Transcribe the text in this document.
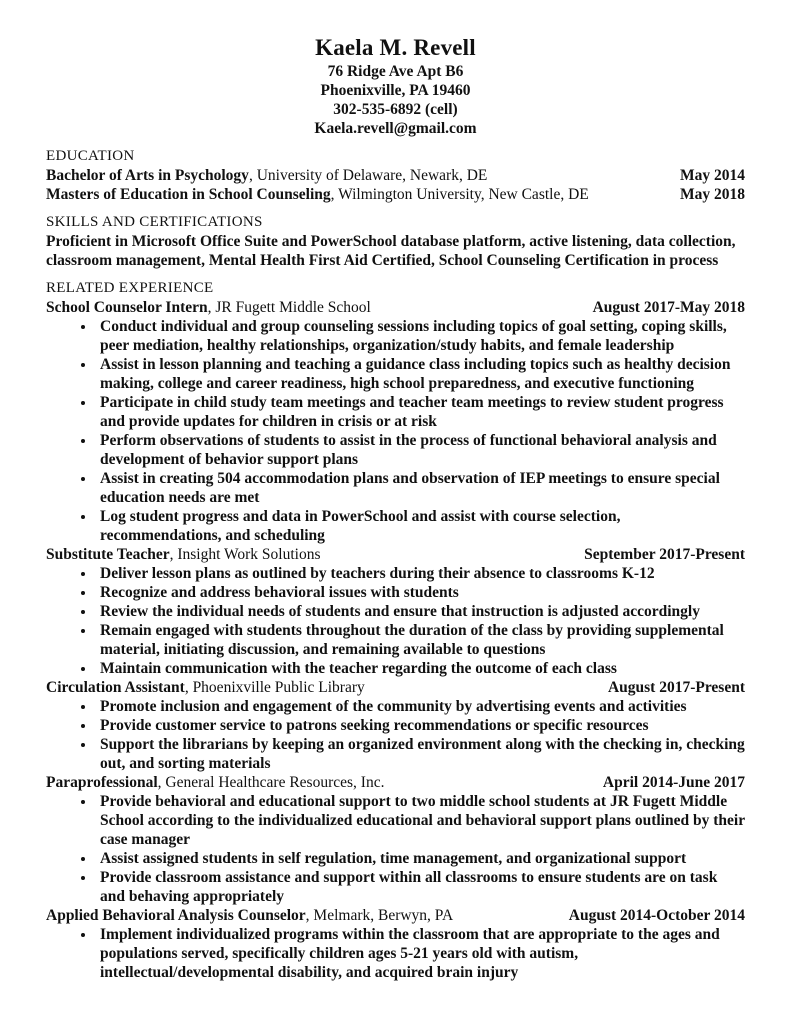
Kaela M. Revell
76 Ridge Ave Apt B6
Phoenixville, PA 19460
302-535-6892 (cell)
Kaela.revell@gmail.com
EDUCATION
Bachelor of Arts in Psychology, University of Delaware, Newark, DE	May 2014
Masters of Education in School Counseling, Wilmington University, New Castle, DE	May 2018
SKILLS AND CERTIFICATIONS
Proficient in Microsoft Office Suite and PowerSchool database platform, active listening, data collection, classroom management, Mental Health First Aid Certified, School Counseling Certification in process
RELATED EXPERIENCE
School Counselor Intern, JR Fugett Middle School	August 2017-May 2018
• Conduct individual and group counseling sessions including topics of goal setting, coping skills, peer mediation, healthy relationships, organization/study habits, and female leadership
• Assist in lesson planning and teaching a guidance class including topics such as healthy decision making, college and career readiness, high school preparedness, and executive functioning
• Participate in child study team meetings and teacher team meetings to review student progress and provide updates for children in crisis or at risk
• Perform observations of students to assist in the process of functional behavioral analysis and development of behavior support plans
• Assist in creating 504 accommodation plans and observation of IEP meetings to ensure special education needs are met
• Log student progress and data in PowerSchool and assist with course selection, recommendations, and scheduling
Substitute Teacher, Insight Work Solutions	September 2017-Present
• Deliver lesson plans as outlined by teachers during their absence to classrooms K-12
• Recognize and address behavioral issues with students
• Review the individual needs of students and ensure that instruction is adjusted accordingly
• Remain engaged with students throughout the duration of the class by providing supplemental material, initiating discussion, and remaining available to questions
• Maintain communication with the teacher regarding the outcome of each class
Circulation Assistant, Phoenixville Public Library	August 2017-Present
• Promote inclusion and engagement of the community by advertising events and activities
• Provide customer service to patrons seeking recommendations or specific resources
• Support the librarians by keeping an organized environment along with the checking in, checking out, and sorting materials
Paraprofessional, General Healthcare Resources, Inc.	April 2014-June 2017
• Provide behavioral and educational support to two middle school students at JR Fugett Middle School according to the individualized educational and behavioral support plans outlined by their case manager
• Assist assigned students in self regulation, time management, and organizational support
• Provide classroom assistance and support within all classrooms to ensure students are on task and behaving appropriately
Applied Behavioral Analysis Counselor, Melmark, Berwyn, PA	August 2014-October 2014
• Implement individualized programs within the classroom that are appropriate to the ages and populations served, specifically children ages 5-21 years old with autism, intellectual/developmental disability, and acquired brain injury
